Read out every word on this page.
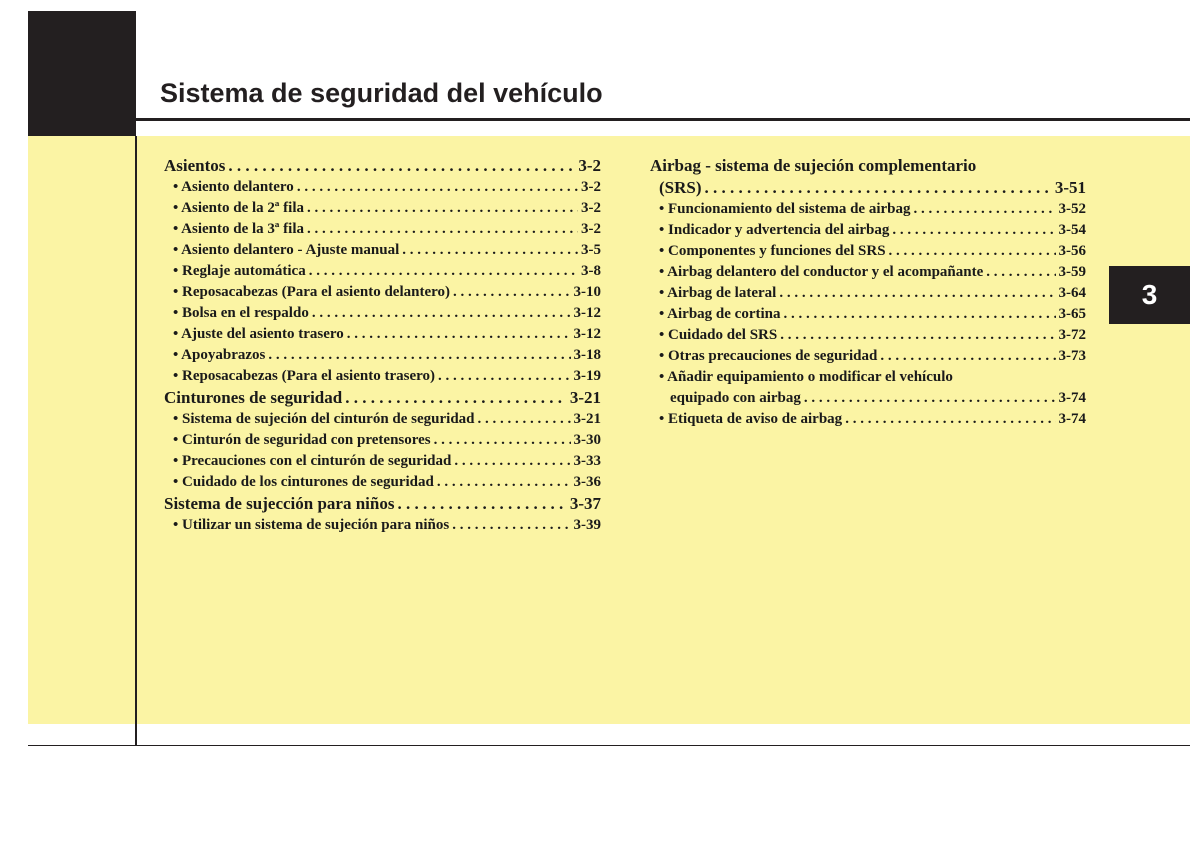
Sistema de seguridad del vehículo
3
Asientos . . .	3-2
• Asiento delantero . . .	3-2
• Asiento de la 2ª fila . . .	3-2
• Asiento de la 3ª fila . . .	3-2
• Asiento delantero - Ajuste manual . . .	3-5
• Reglaje automática . . .	3-8
• Reposacabezas (Para el asiento delantero) . . .	3-10
• Bolsa en el respaldo . . .	3-12
• Ajuste del asiento trasero . . .	3-12
• Apoyabrazos . . .	3-18
• Reposacabezas (Para el asiento trasero) . . .	3-19
Cinturones de seguridad . . .	3-21
• Sistema de sujeción del cinturón de seguridad . . .	3-21
• Cinturón de seguridad con pretensores . . .	3-30
• Precauciones con el cinturón de seguridad . . .	3-33
• Cuidado de los cinturones de seguridad . . .	3-36
Sistema de sujección para niños . . .	3-37
• Utilizar un sistema de sujeción para niños . . .	3-39
Airbag - sistema de sujeción complementario
(SRS) . . .	3-51
• Funcionamiento del sistema de airbag . . .	3-52
• Indicador y advertencia del airbag . . .	3-54
• Componentes y funciones del SRS . . .	3-56
• Airbag delantero del conductor y el acompañante . . .	3-59
• Airbag de lateral . . .	3-64
• Airbag de cortina . . .	3-65
• Cuidado del SRS . . .	3-72
• Otras precauciones de seguridad . . .	3-73
• Añadir equipamiento o modificar el vehículo
equipado con airbag . . .	3-74
• Etiqueta de aviso de airbag . . .	3-74
